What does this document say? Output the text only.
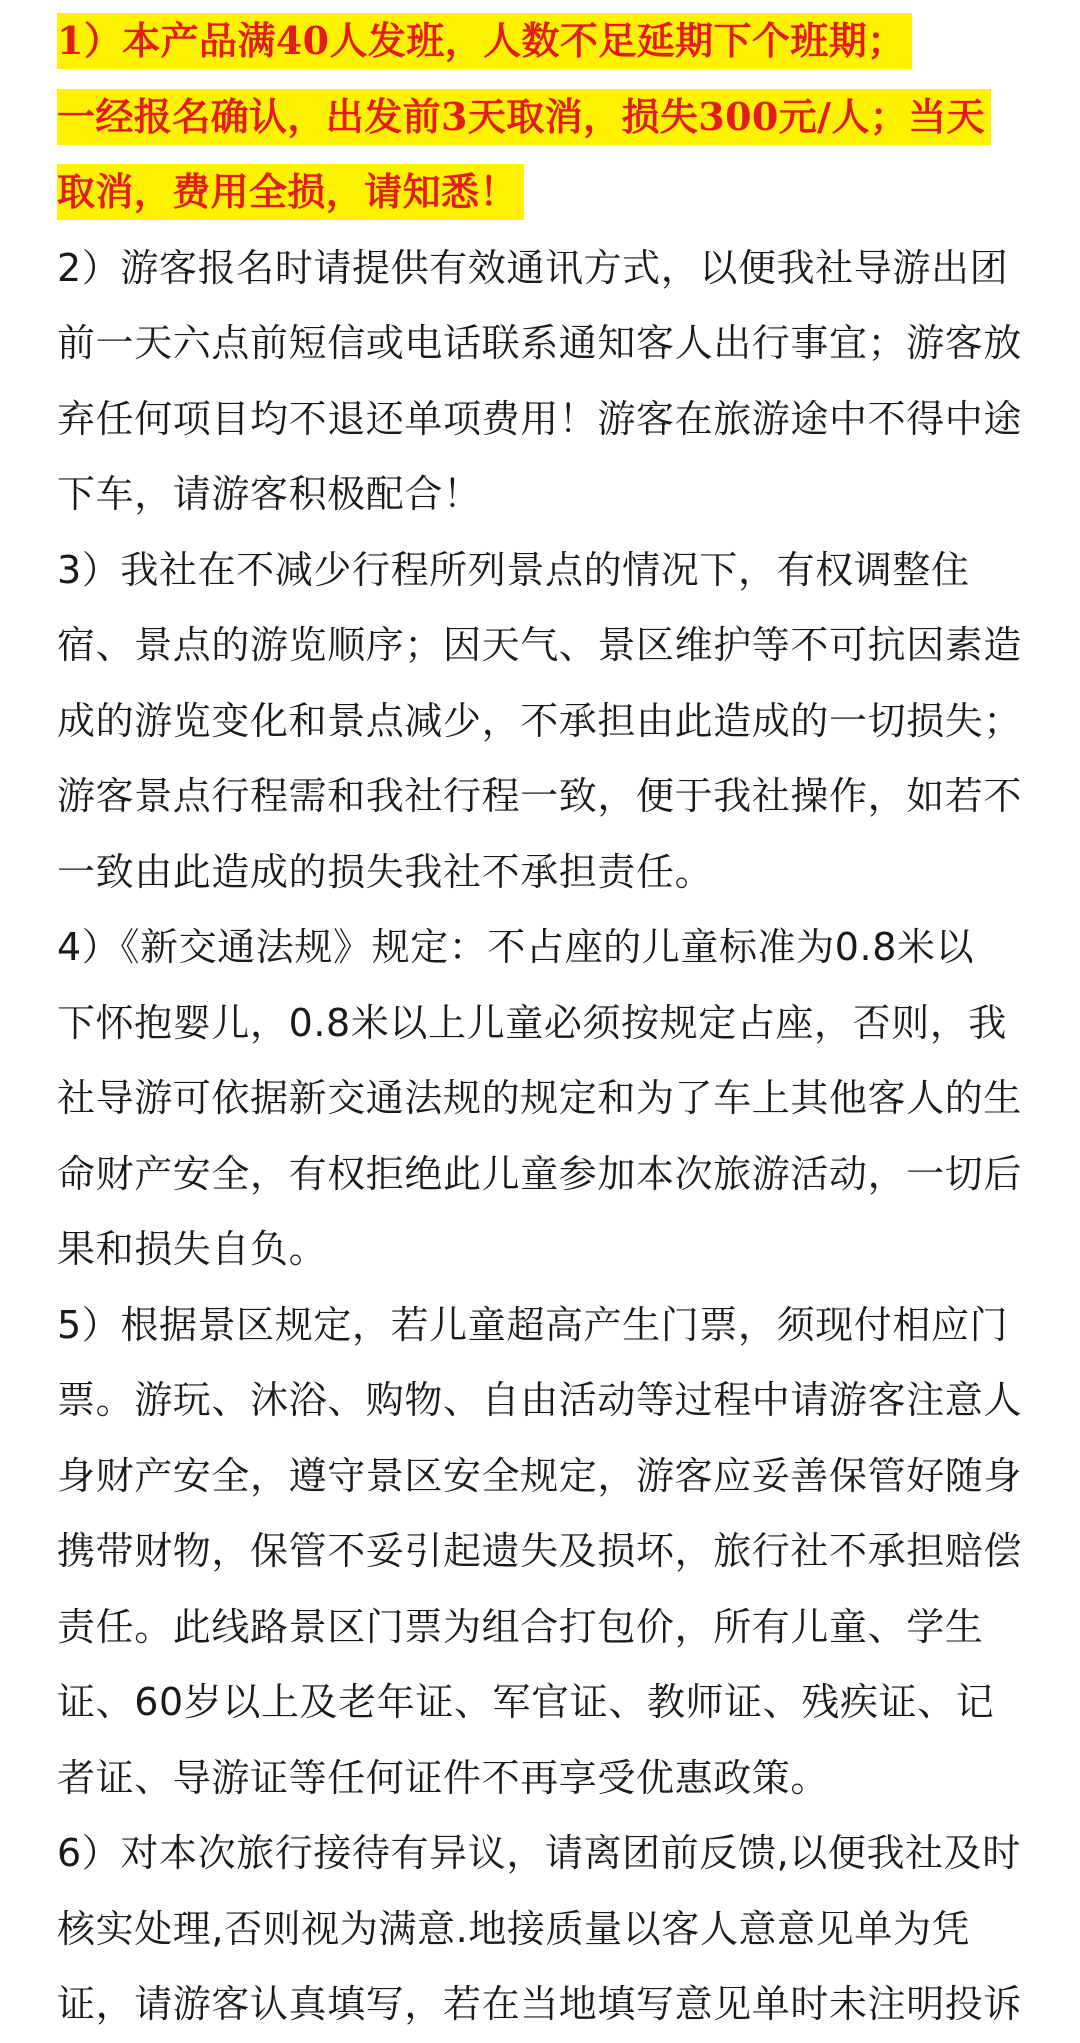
1）本产品满40人发班，人数不足延期下个班期；
一经报名确认，出发前3天取消，损失300元/人；当天
取消，费用全损，请知悉！
2）游客报名时请提供有效通讯方式，以便我社导游出团
前一天六点前短信或电话联系通知客人出行事宜；游客放
弃任何项目均不退还单项费用！游客在旅游途中不得中途
下车，请游客积极配合！
3）我社在不减少行程所列景点的情况下，有权调整住
宿、景点的游览顺序；因天气、景区维护等不可抗因素造
成的游览变化和景点减少，不承担由此造成的一切损失；
游客景点行程需和我社行程一致，便于我社操作，如若不
一致由此造成的损失我社不承担责任。
4）《新交通法规》规定：不占座的儿童标准为0.8米以
下怀抱婴儿，0.8米以上儿童必须按规定占座，否则，我
社导游可依据新交通法规的规定和为了车上其他客人的生
命财产安全，有权拒绝此儿童参加本次旅游活动，一切后
果和损失自负。
5）根据景区规定，若儿童超高产生门票，须现付相应门
票。游玩、沐浴、购物、自由活动等过程中请游客注意人
身财产安全，遵守景区安全规定，游客应妥善保管好随身
携带财物，保管不妥引起遗失及损坏，旅行社不承担赔偿
责任。此线路景区门票为组合打包价，所有儿童、学生
证、60岁以上及老年证、军官证、教师证、残疾证、记
者证、导游证等任何证件不再享受优惠政策。
6）对本次旅行接待有异议，请离团前反馈,以便我社及时
核实处理,否则视为满意.地接质量以客人意意见单为凭
证，请游客认真填写，若在当地填写意见单时未注明投诉
